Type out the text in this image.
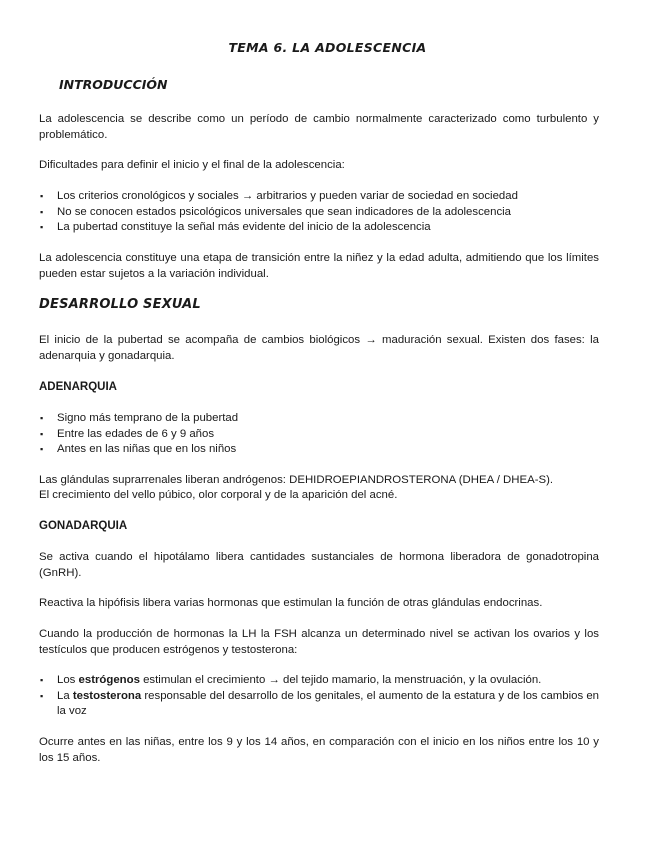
TEMA 6. LA ADOLESCENCIA
INTRODUCCIÓN
La adolescencia se describe como un período de cambio normalmente caracterizado como turbulento y problemático.
Dificultades para definir el inicio y el final de la adolescencia:
▪ Los criterios cronológicos y sociales → arbitrarios y pueden variar de sociedad en sociedad
▪ No se conocen estados psicológicos universales que sean indicadores de la adolescencia
▪ La pubertad constituye la señal más evidente del inicio de la adolescencia
La adolescencia constituye una etapa de transición entre la niñez y la edad adulta, admitiendo que los límites pueden estar sujetos a la variación individual.
DESARROLLO SEXUAL
El inicio de la pubertad se acompaña de cambios biológicos → maduración sexual. Existen dos fases: la adenarquia y gonadarquia.
ADENARQUIA
▪ Signo más temprano de la pubertad
▪ Entre las edades de 6 y 9 años
▪ Antes en las niñas que en los niños
Las glándulas suprarrenales liberan andrógenos: DEHIDROEPIANDROSTERONA (DHEA / DHEA-S).
El crecimiento del vello púbico, olor corporal y de la aparición del acné.
GONADARQUIA
Se activa cuando el hipotálamo libera cantidades sustanciales de hormona liberadora de gonadotropina (GnRH).
Reactiva la hipófisis libera varias hormonas que estimulan la función de otras glándulas endocrinas.
Cuando la producción de hormonas la LH la FSH alcanza un determinado nivel se activan los ovarios y los testículos que producen estrógenos y testosterona:
▪ Los estrógenos estimulan el crecimiento → del tejido mamario, la menstruación, y la ovulación.
▪ La testosterona responsable del desarrollo de los genitales, el aumento de la estatura y de los cambios en la voz
Ocurre antes en las niñas, entre los 9 y los 14 años, en comparación con el inicio en los niños entre los 10 y los 15 años.
